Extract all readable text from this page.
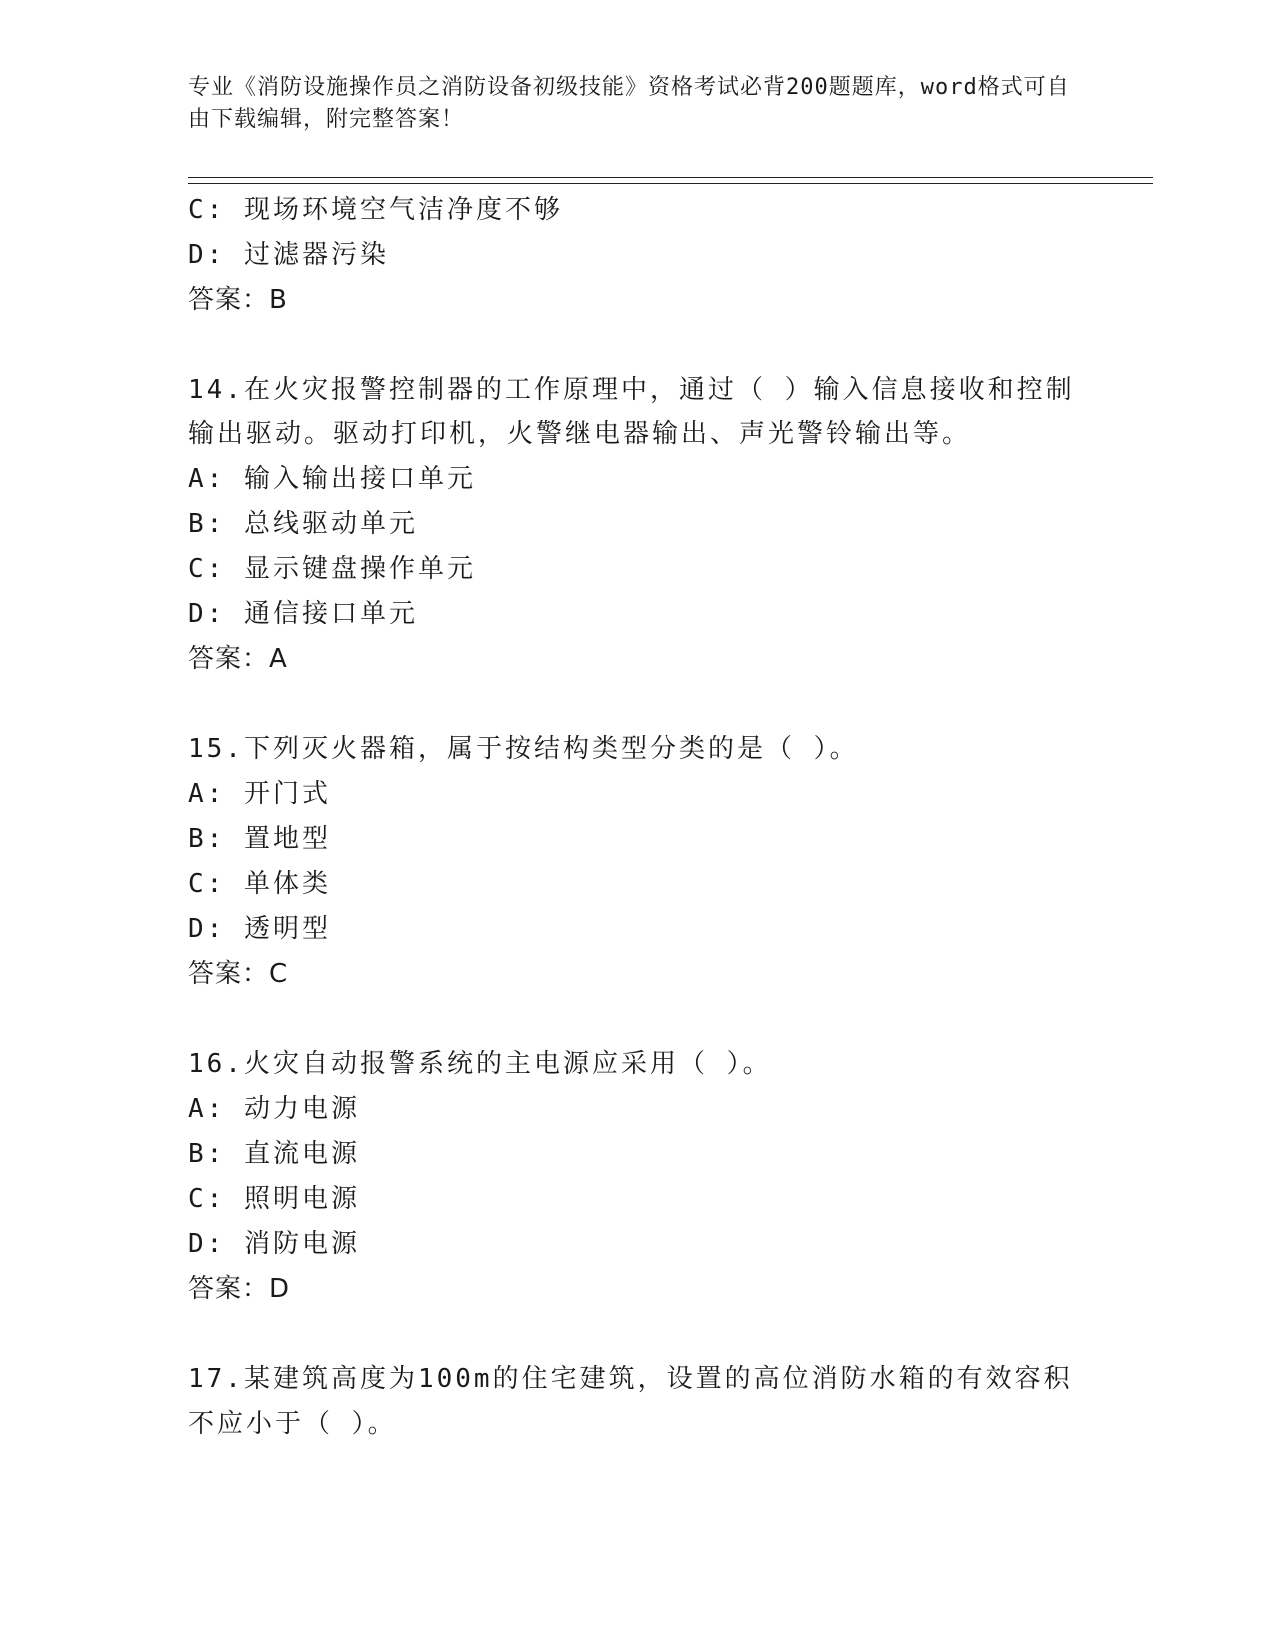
专业《消防设施操作员之消防设备初级技能》资格考试必背200题题库，word格式可自由下载编辑，附完整答案！
C: 现场环境空气洁净度不够
D: 过滤器污染
答案：B
14.在火灾报警控制器的工作原理中，通过（ ）输入信息接收和控制
输出驱动。驱动打印机，火警继电器输出、声光警铃输出等。
A: 输入输出接口单元
B: 总线驱动单元
C: 显示键盘操作单元
D: 通信接口单元
答案：A
15.下列灭火器箱，属于按结构类型分类的是（ ）。
A: 开门式
B: 置地型
C: 单体类
D: 透明型
答案：C
16.火灾自动报警系统的主电源应采用（ ）。
A: 动力电源
B: 直流电源
C: 照明电源
D: 消防电源
答案：D
17.某建筑高度为100m的住宅建筑，设置的高位消防水箱的有效容积
不应小于（ ）。
